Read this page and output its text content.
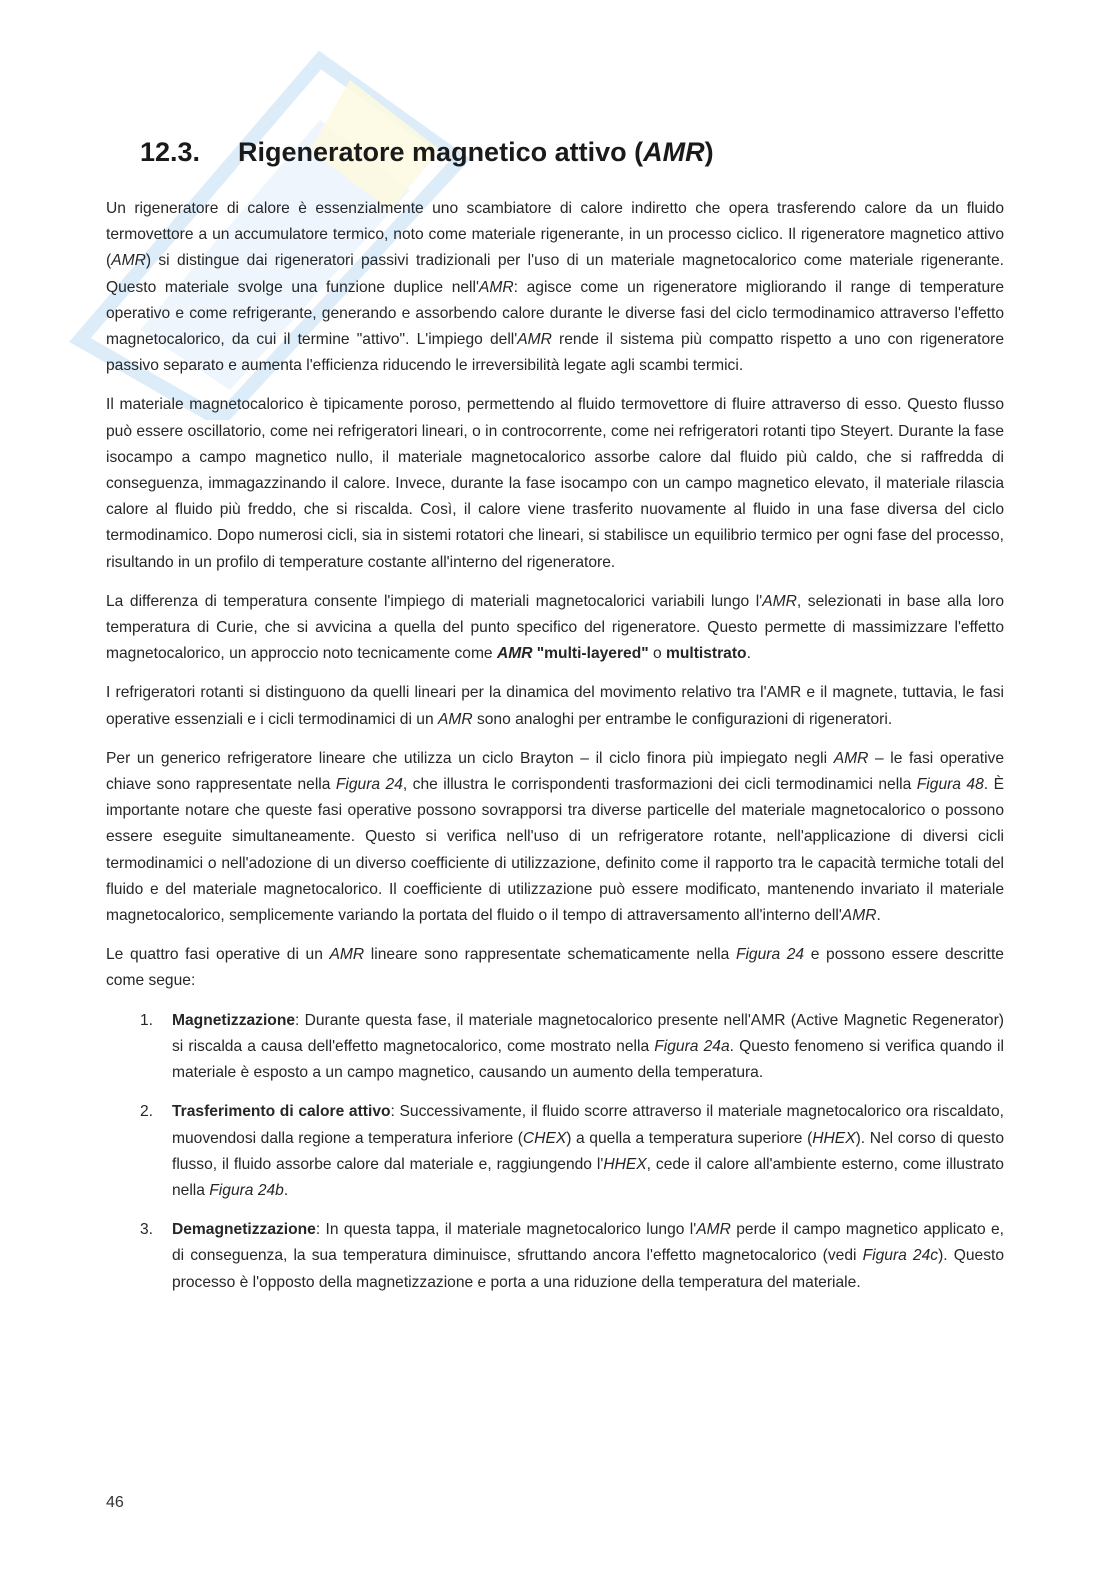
12.3.	Rigeneratore magnetico attivo (AMR)

Un rigeneratore di calore è essenzialmente uno scambiatore di calore indiretto che opera trasferendo calore da un fluido termovettore a un accumulatore termico, noto come materiale rigenerante, in un processo ciclico. Il rigeneratore magnetico attivo (AMR) si distingue dai rigeneratori passivi tradizionali per l'uso di un materiale magnetocalorico come materiale rigenerante. Questo materiale svolge una funzione duplice nell'AMR: agisce come un rigeneratore migliorando il range di temperature operativo e come refrigerante, generando e assorbendo calore durante le diverse fasi del ciclo termodinamico attraverso l'effetto magnetocalorico, da cui il termine "attivo". L'impiego dell'AMR rende il sistema più compatto rispetto a uno con rigeneratore passivo separato e aumenta l'efficienza riducendo le irreversibilità legate agli scambi termici.

Il materiale magnetocalorico è tipicamente poroso, permettendo al fluido termovettore di fluire attraverso di esso. Questo flusso può essere oscillatorio, come nei refrigeratori lineari, o in controcorrente, come nei refrigeratori rotanti tipo Steyert. Durante la fase isocampo a campo magnetico nullo, il materiale magnetocalorico assorbe calore dal fluido più caldo, che si raffredda di conseguenza, immagazzinando il calore. Invece, durante la fase isocampo con un campo magnetico elevato, il materiale rilascia calore al fluido più freddo, che si riscalda. Così, il calore viene trasferito nuovamente al fluido in una fase diversa del ciclo termodinamico. Dopo numerosi cicli, sia in sistemi rotatori che lineari, si stabilisce un equilibrio termico per ogni fase del processo, risultando in un profilo di temperature costante all'interno del rigeneratore.

La differenza di temperatura consente l'impiego di materiali magnetocalorici variabili lungo l'AMR, selezionati in base alla loro temperatura di Curie, che si avvicina a quella del punto specifico del rigeneratore. Questo permette di massimizzare l'effetto magnetocalorico, un approccio noto tecnicamente come AMR "multi-layered" o multistrato.

I refrigeratori rotanti si distinguono da quelli lineari per la dinamica del movimento relativo tra l'AMR e il magnete, tuttavia, le fasi operative essenziali e i cicli termodinamici di un AMR sono analoghi per entrambe le configurazioni di rigeneratori.

Per un generico refrigeratore lineare che utilizza un ciclo Brayton – il ciclo finora più impiegato negli AMR – le fasi operative chiave sono rappresentate nella Figura 24, che illustra le corrispondenti trasformazioni dei cicli termodinamici nella Figura 48. È importante notare che queste fasi operative possono sovrapporsi tra diverse particelle del materiale magnetocalorico o possono essere eseguite simultaneamente. Questo si verifica nell'uso di un refrigeratore rotante, nell'applicazione di diversi cicli termodinamici o nell'adozione di un diverso coefficiente di utilizzazione, definito come il rapporto tra le capacità termiche totali del fluido e del materiale magnetocalorico. Il coefficiente di utilizzazione può essere modificato, mantenendo invariato il materiale magnetocalorico, semplicemente variando la portata del fluido o il tempo di attraversamento all'interno dell'AMR.

Le quattro fasi operative di un AMR lineare sono rappresentate schematicamente nella Figura 24 e possono essere descritte come segue:

1. Magnetizzazione: Durante questa fase, il materiale magnetocalorico presente nell'AMR (Active Magnetic Regenerator) si riscalda a causa dell'effetto magnetocalorico, come mostrato nella Figura 24a. Questo fenomeno si verifica quando il materiale è esposto a un campo magnetico, causando un aumento della temperatura.
2. Trasferimento di calore attivo: Successivamente, il fluido scorre attraverso il materiale magnetocalorico ora riscaldato, muovendosi dalla regione a temperatura inferiore (CHEX) a quella a temperatura superiore (HHEX). Nel corso di questo flusso, il fluido assorbe calore dal materiale e, raggiungendo l'HHEX, cede il calore all'ambiente esterno, come illustrato nella Figura 24b.
3. Demagnetizzazione: In questa tappa, il materiale magnetocalorico lungo l'AMR perde il campo magnetico applicato e, di conseguenza, la sua temperatura diminuisce, sfruttando ancora l'effetto magnetocalorico (vedi Figura 24c). Questo processo è l'opposto della magnetizzazione e porta a una riduzione della temperatura del materiale.
46
